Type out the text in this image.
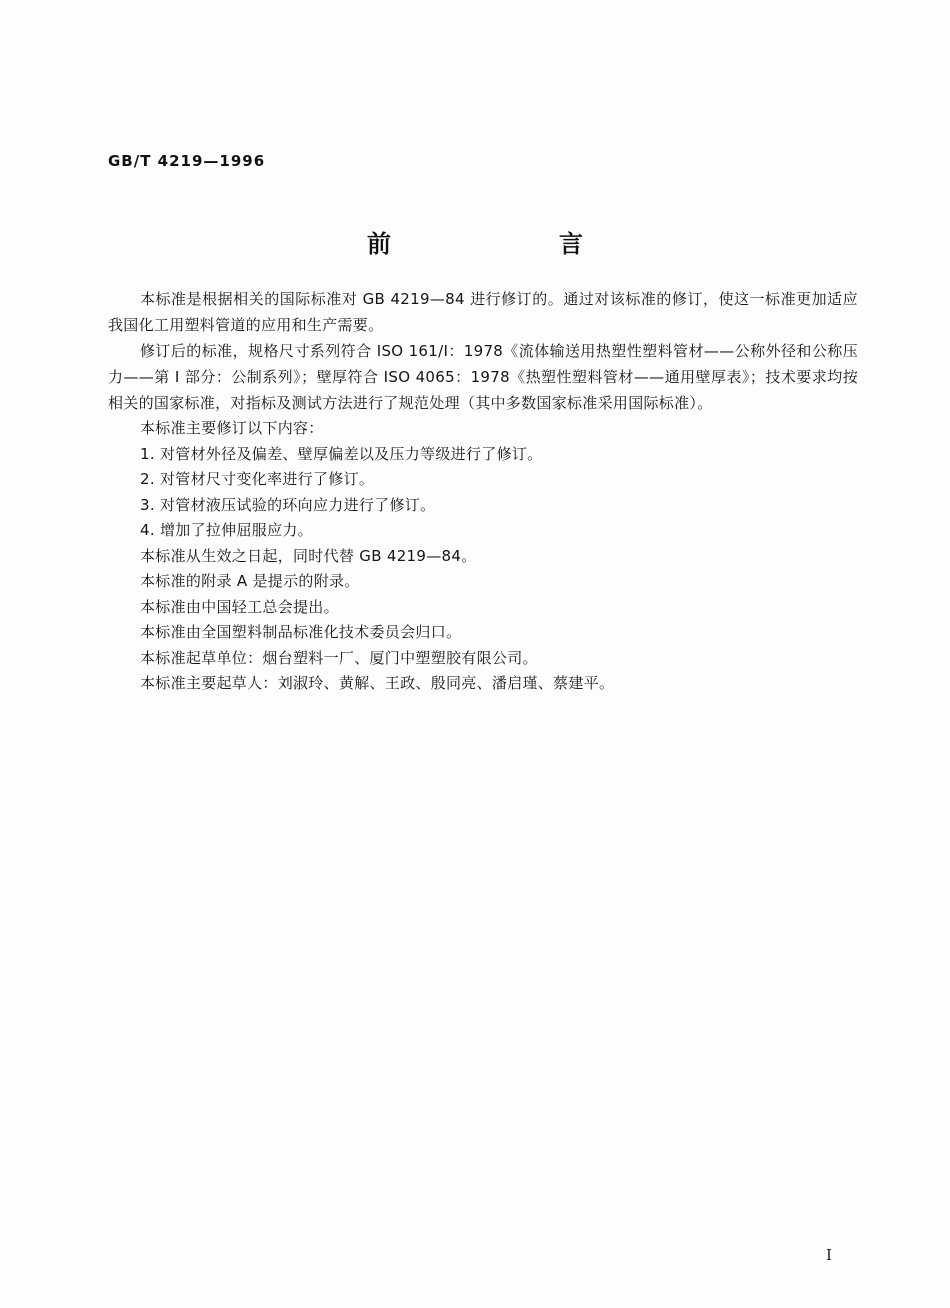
GB/T 4219—1996
前　言

本标准是根据相关的国际标准对 GB 4219—84 进行修订的。通过对该标准的修订，使这一标准更加适应我国化工用塑料管道的应用和生产需要。

修订后的标准，规格尺寸系列符合 ISO 161/I：1978《流体输送用热塑性塑料管材——公称外径和公称压力——第 I 部分：公制系列》；壁厚符合 ISO 4065：1978《热塑性塑料管材——通用壁厚表》；技术要求均按相关的国家标准，对指标及测试方法进行了规范处理（其中多数国家标准采用国际标准）。

本标准主要修订以下内容：

1. 对管材外径及偏差、壁厚偏差以及压力等级进行了修订。

2. 对管材尺寸变化率进行了修订。

3. 对管材液压试验的环向应力进行了修订。

4. 增加了拉伸屈服应力。

本标准从生效之日起，同时代替 GB 4219—84。

本标准的附录 A 是提示的附录。

本标准由中国轻工总会提出。

本标准由全国塑料制品标准化技术委员会归口。

本标准起草单位：烟台塑料一厂、厦门中塑塑胶有限公司。

本标准主要起草人：刘淑玲、黄解、王政、殷同亮、潘启瑾、蔡建平。

I
